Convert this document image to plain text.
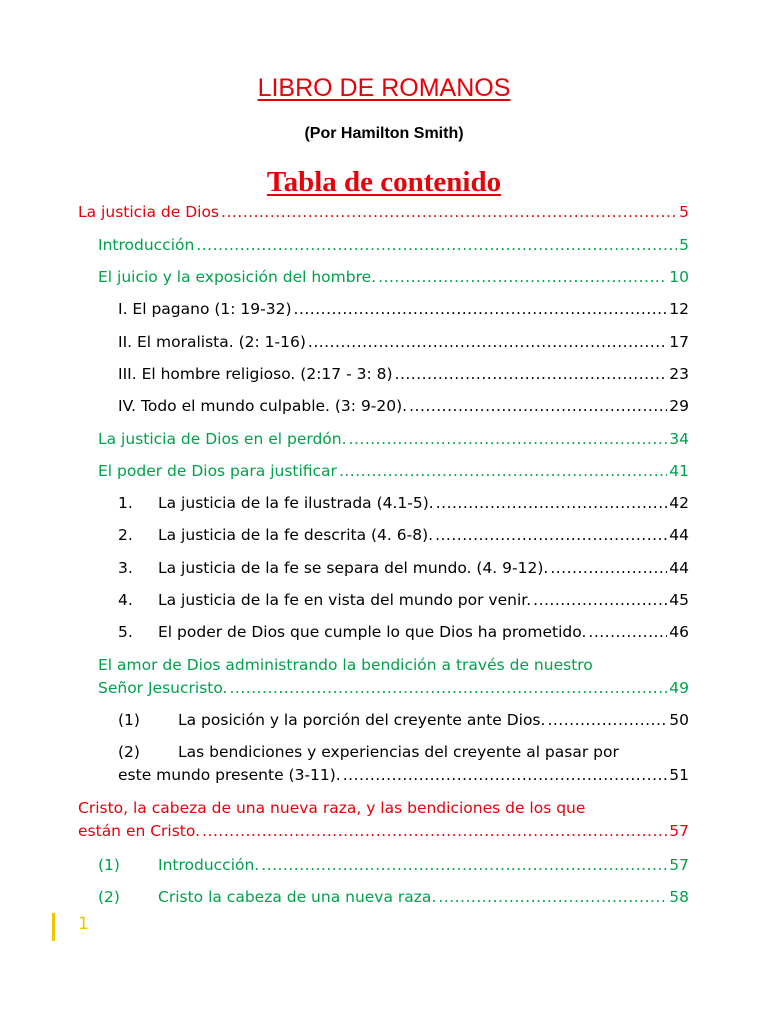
LIBRO DE ROMANOS
(Por Hamilton Smith)
Tabla de contenido
La justicia de Dios .....	5
Introducción .....	5
El juicio y la exposición del hombre. .....	10
I. El pagano (1: 19-32) .....	12
II. El moralista. (2: 1-16) .....	17
III. El hombre religioso. (2:17 - 3: 8) .....	23
IV. Todo el mundo culpable. (3: 9-20). .....	29
La justicia de Dios en el perdón. .....	34
El poder de Dios para justificar .....	41
1. La justicia de la fe ilustrada (4.1-5). .....	42
2. La justicia de la fe descrita (4. 6-8). .....	44
3. La justicia de la fe se separa del mundo. (4. 9-12). .....	44
4. La justicia de la fe en vista del mundo por venir. .....	45
5. El poder de Dios que cumple lo que Dios ha prometido. .....	46
El amor de Dios administrando la bendición a través de nuestro
Señor Jesucristo. .....	49
(1) La posición y la porción del creyente ante Dios. .....	50
(2) Las bendiciones y experiencias del creyente al pasar por
este mundo presente (3-11). .....	51
Cristo, la cabeza de una nueva raza, y las bendiciones de los que
están en Cristo. .....	57
(1) Introducción. .....	57
(2) Cristo la cabeza de una nueva raza. .....	58
1
